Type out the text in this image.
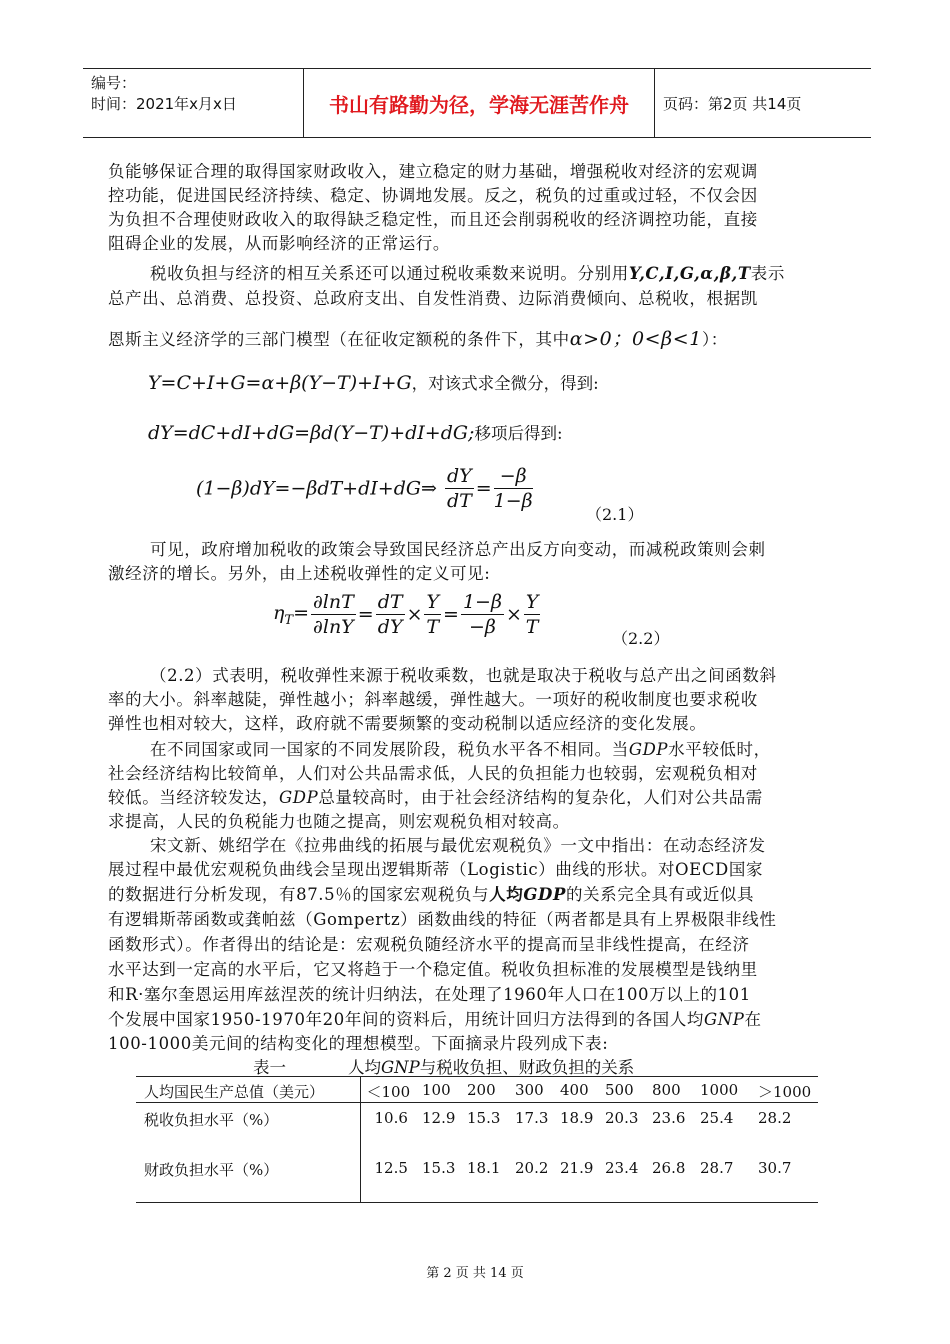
编号：
时间：2021年x月x日	书山有路勤为径，学海无涯苦作舟	页码：第2页 共14页
负能够保证合理的取得国家财政收入，建立稳定的财力基础，增强税收对经济的宏观调
控功能，促进国民经济持续、稳定、协调地发展。反之，税负的过重或过轻，不仅会因
为负担不合理使财政收入的取得缺乏稳定性，而且还会削弱税收的经济调控功能，直接
阻碍企业的发展，从而影响经济的正常运行。
税收负担与经济的相互关系还可以通过税收乘数来说明。分别用Y,C,I,G,α,β,T表示
总产出、总消费、总投资、总政府支出、自发性消费、边际消费倾向、总税收，根据凯
恩斯主义经济学的三部门模型（在征收定额税的条件下，其中α>0；0<β<1）：
Y=C+I+G=α+β(Y−T)+I+G，对该式求全微分，得到:
dY=dC+dI+dG=βd(Y−T)+dI+dG;移项后得到:
(1−β)dY=−βdT+dI+dG⇒ $\frac{dY}{dT} = \frac{-\beta}{1-\beta}$
（2.1）
可见，政府增加税收的政策会导致国民经济总产出反方向变动，而减税政策则会刺
激经济的增长。另外，由上述税收弹性的定义可见:
$\eta_T= \frac{\partial\ln T}{\partial\ln Y} = \frac{dT}{dY} \times \frac{Y}{T} = \frac{1-\beta}{-\beta} \times \frac{Y}{T}$	（2.2）
（2.2）式表明，税收弹性来源于税收乘数，也就是取决于税收与总产出之间函数斜
率的大小。斜率越陡，弹性越小；斜率越缓，弹性越大。一项好的税收制度也要求税收
弹性也相对较大，这样，政府就不需要频繁的变动税制以适应经济的变化发展。
在不同国家或同一国家的不同发展阶段，税负水平各不相同。当GDP水平较低时，
社会经济结构比较简单，人们对公共品需求低，人民的负担能力也较弱，宏观税负相对
较低。当经济较发达，GDP总量较高时，由于社会经济结构的复杂化，人们对公共品需
求提高，人民的负税能力也随之提高，则宏观税负相对较高。
宋文新、姚绍学在《拉弗曲线的拓展与最优宏观税负》一文中指出：在动态经济发
展过程中最优宏观税负曲线会呈现出逻辑斯蒂（Logistic）曲线的形状。对OECD国家
的数据进行分析发现，有87.5％的国家宏观税负与人均GDP的关系完全具有或近似具
有逻辑斯蒂函数或龚帕兹（Gompertz）函数曲线的特征（两者都是具有上界极限非线性
函数形式）。作者得出的结论是：宏观税负随经济水平的提高而呈非线性提高，在经济
水平达到一定高的水平后，它又将趋于一个稳定值。税收负担标准的发展模型是钱纳里
和R·塞尔奎恩运用库兹涅茨的统计归纳法，在处理了1960年人口在100万以上的101
个发展中国家1950-1970年20年间的资料后，用统计回归方法得到的各国人均GNP在
100-1000美元间的结构变化的理想模型。下面摘录片段列成下表:
表一	人均GNP与税收负担、财政负担的关系
人均国民生产总值（美元）	＜100	100	200	300	400	500	800	1000	＞1000
税收负担水平（%）	10.6	12.9	15.3	17.3	18.9	20.3	23.6	25.4	28.2
财政负担水平（%）	12.5	15.3	18.1	20.2	21.9	23.4	26.8	28.7	30.7
第 2 页 共 14 页
